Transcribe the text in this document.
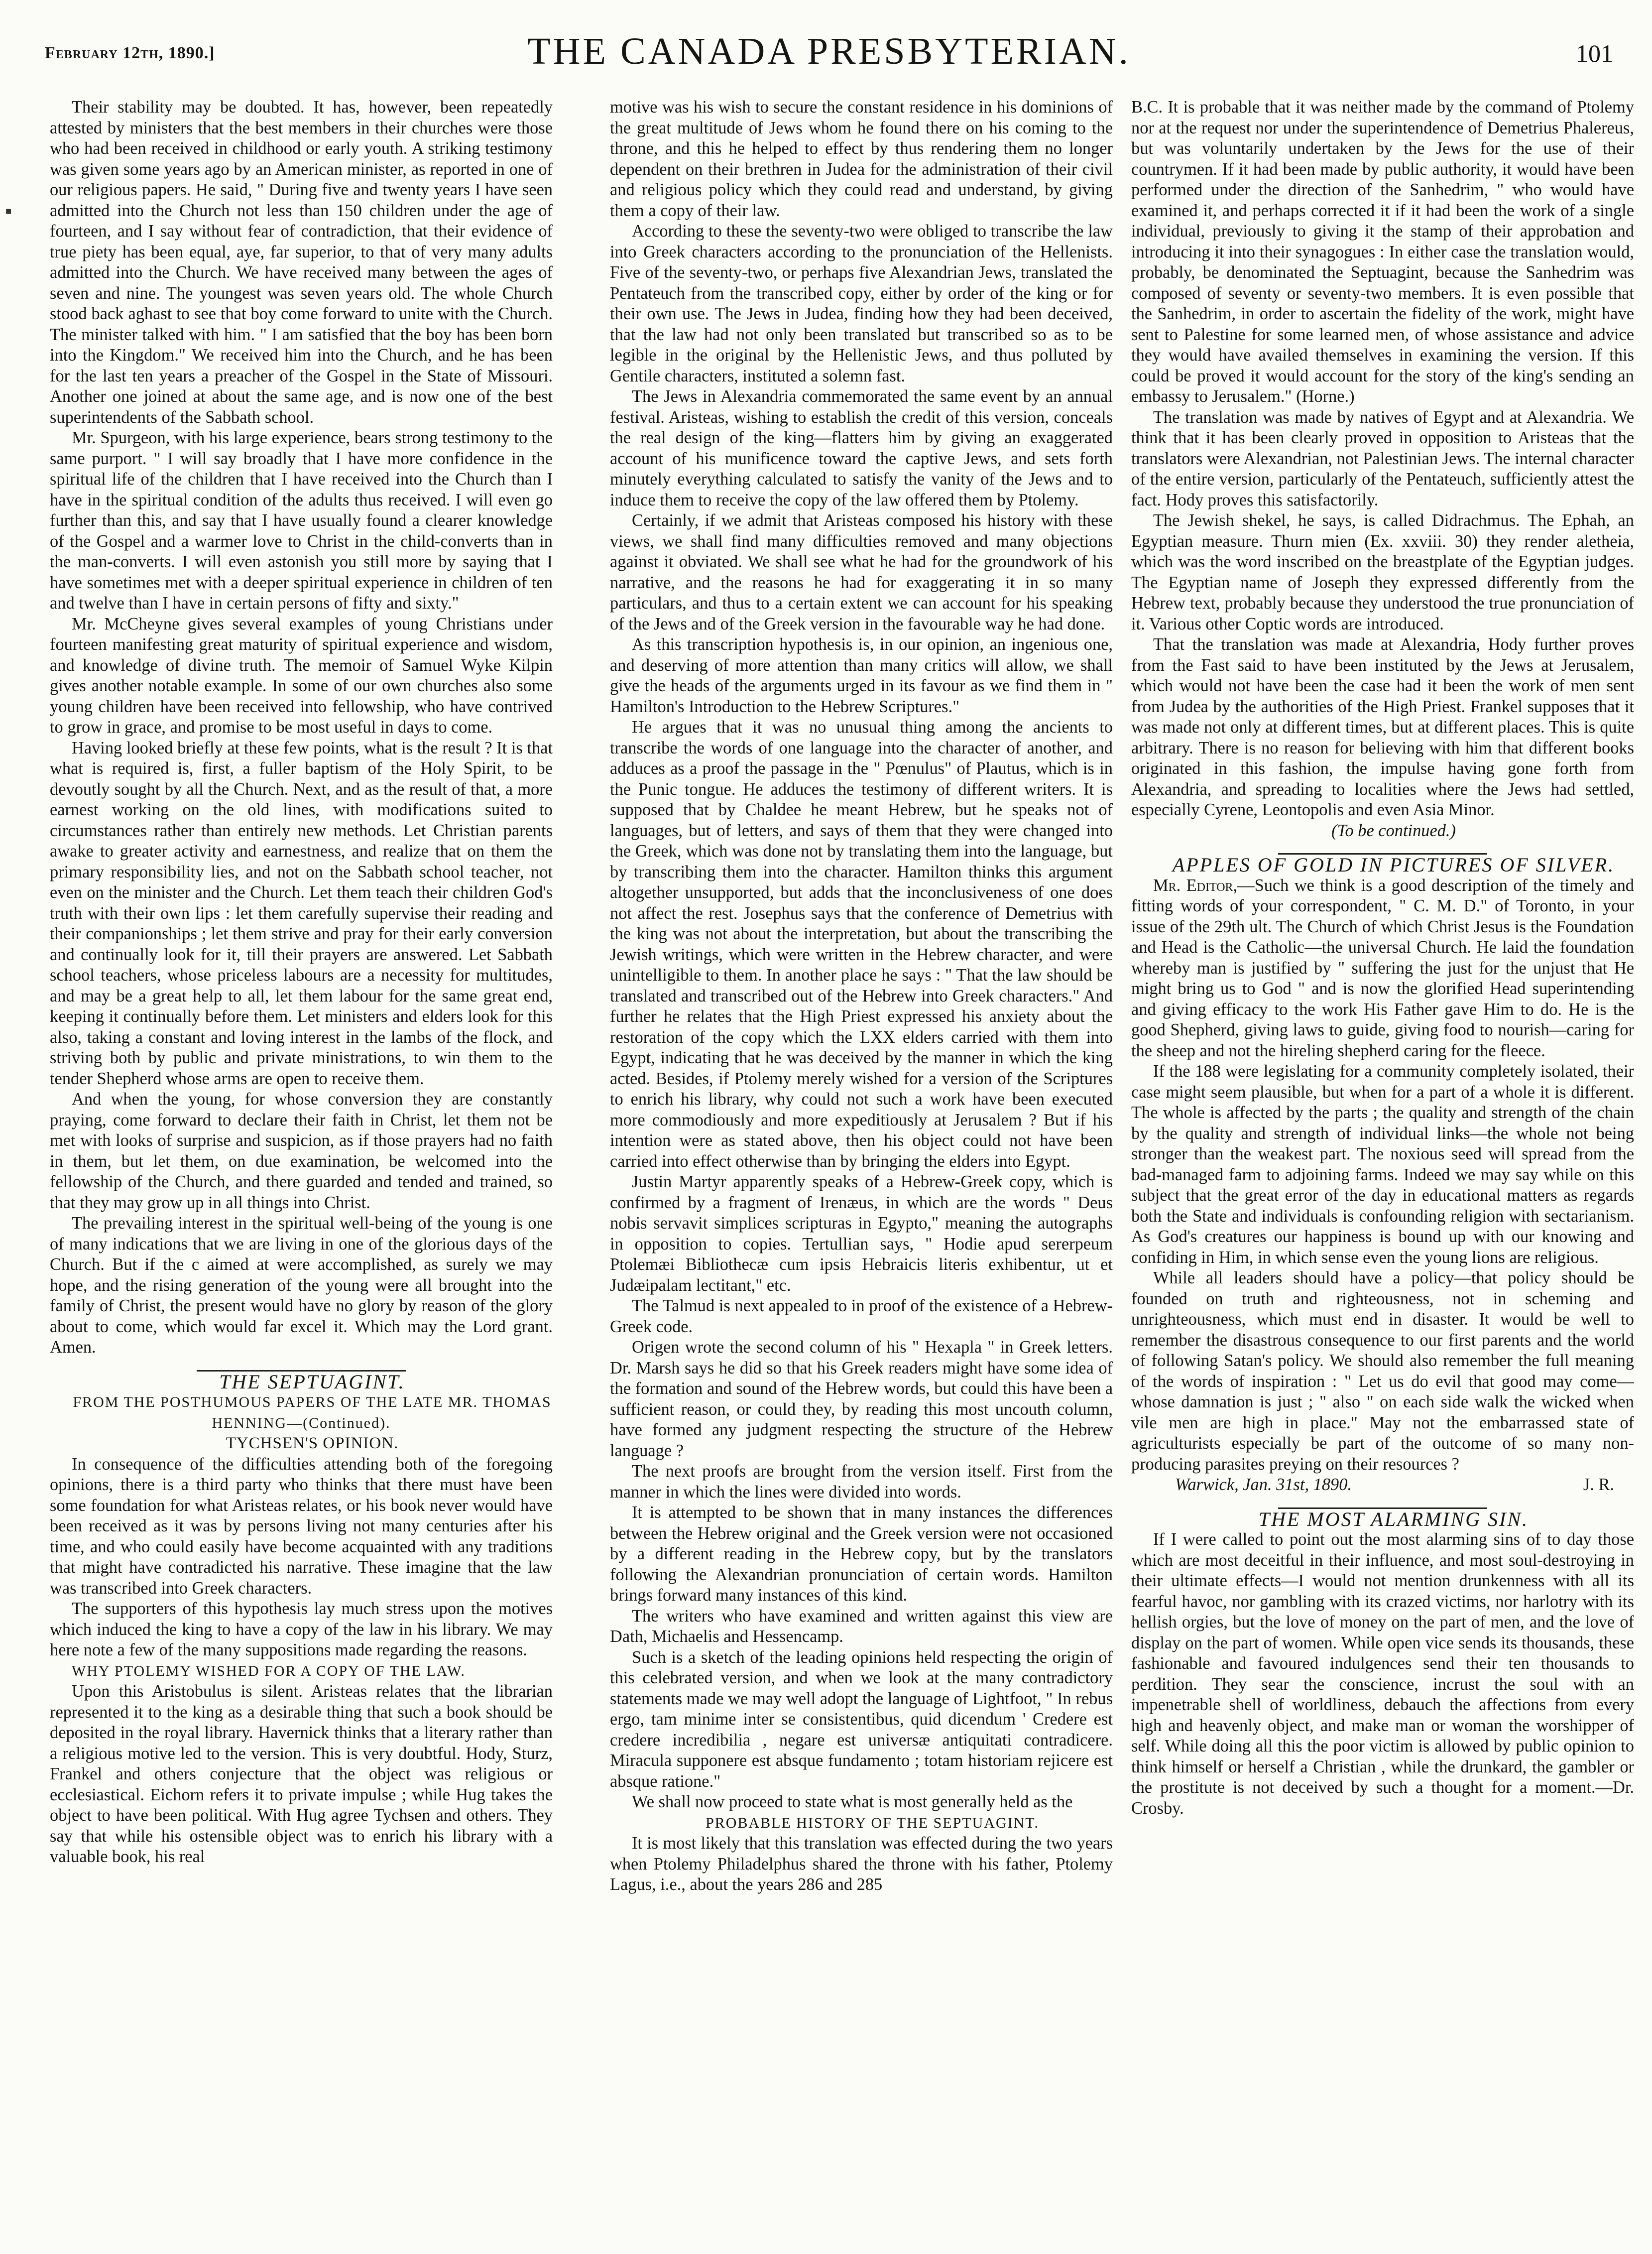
February 12th, 1890.]	THE CANADA PRESBYTERIAN.	101
▪

Their stability may be doubted. It has, however, been repeatedly attested by ministers that the best members in their churches were those who had been received in childhood or early youth. A striking testimony was given some years ago by an American minister, as reported in one of our religious papers. He said, " During five and twenty years I have seen admitted into the Church not less than 150 children under the age of fourteen, and I say without fear of contradiction, that their evidence of true piety has been equal, aye, far superior, to that of very many adults admitted into the Church. We have received many between the ages of seven and nine. The youngest was seven years old. The whole Church stood back aghast to see that boy come forward to unite with the Church. The minister talked with him. " I am satisfied that the boy has been born into the Kingdom." We received him into the Church, and he has been for the last ten years a preacher of the Gospel in the State of Missouri. Another one joined at about the same age, and is now one of the best superintendents of the Sabbath school.

Mr. Spurgeon, with his large experience, bears strong testimony to the same purport. " I will say broadly that I have more confidence in the spiritual life of the children that I have received into the Church than I have in the spiritual condition of the adults thus received. I will even go further than this, and say that I have usually found a clearer knowledge of the Gospel and a warmer love to Christ in the child-converts than in the man-converts. I will even astonish you still more by saying that I have sometimes met with a deeper spiritual experience in children of ten and twelve than I have in certain persons of fifty and sixty."

Mr. McCheyne gives several examples of young Christians under fourteen manifesting great maturity of spiritual experience and wisdom, and knowledge of divine truth. The memoir of Samuel Wyke Kilpin gives another notable example. In some of our own churches also some young children have been received into fellowship, who have contrived to grow in grace, and promise to be most useful in days to come.

Having looked briefly at these few points, what is the result ? It is that what is required is, first, a fuller baptism of the Holy Spirit, to be devoutly sought by all the Church. Next, and as the result of that, a more earnest working on the old lines, with modifications suited to circumstances rather than entirely new methods. Let Christian parents awake to greater activity and earnestness, and realize that on them the primary responsibility lies, and not on the Sabbath school teacher, not even on the minister and the Church. Let them teach their children God's truth with their own lips : let them carefully supervise their reading and their companionships ; let them strive and pray for their early conversion and continually look for it, till their prayers are answered. Let Sabbath school teachers, whose priceless labours are a necessity for multitudes, and may be a great help to all, let them labour for the same great end, keeping it continually before them. Let ministers and elders look for this also, taking a constant and loving interest in the lambs of the flock, and striving both by public and private ministrations, to win them to the tender Shepherd whose arms are open to receive them.

And when the young, for whose conversion they are constantly praying, come forward to declare their faith in Christ, let them not be met with looks of surprise and suspicion, as if those prayers had no faith in them, but let them, on due examination, be welcomed into the fellowship of the Church, and there guarded and tended and trained, so that they may grow up in all things into Christ.

The prevailing interest in the spiritual well-being of the young is one of many indications that we are living in one of the glorious days of the Church. But if the c aimed at were accomplished, as surely we may hope, and the rising generation of the young were all brought into the family of Christ, the present would have no glory by reason of the glory about to come, which would far excel it. Which may the Lord grant. Amen.

THE SEPTUAGINT.

FROM THE POSTHUMOUS PAPERS OF THE LATE MR. THOMAS HENNING—(Continued).

TYCHSEN'S OPINION.

In consequence of the difficulties attending both of the foregoing opinions, there is a third party who thinks that there must have been some foundation for what Aristeas relates, or his book never would have been received as it was by persons living not many centuries after his time, and who could easily have become acquainted with any traditions that might have contradicted his narrative. These imagine that the law was transcribed into Greek characters.

The supporters of this hypothesis lay much stress upon the motives which induced the king to have a copy of the law in his library. We may here note a few of the many suppositions made regarding the reasons.

WHY PTOLEMY WISHED FOR A COPY OF THE LAW.

Upon this Aristobulus is silent. Aristeas relates that the librarian represented it to the king as a desirable thing that such a book should be deposited in the royal library. Havernick thinks that a literary rather than a religious motive led to the version. This is very doubtful. Hody, Sturz, Frankel and others conjecture that the object was religious or ecclesiastical. Eichorn refers it to private impulse ; while Hug takes the object to have been political. With Hug agree Tychsen and others. They say that while his ostensible object was to enrich his library with a valuable book, his real

motive was his wish to secure the constant residence in his dominions of the great multitude of Jews whom he found there on his coming to the throne, and this he helped to effect by thus rendering them no longer dependent on their brethren in Judea for the administration of their civil and religious policy which they could read and understand, by giving them a copy of their law.

According to these the seventy-two were obliged to transcribe the law into Greek characters according to the pronunciation of the Hellenists. Five of the seventy-two, or perhaps five Alexandrian Jews, translated the Pentateuch from the transcribed copy, either by order of the king or for their own use. The Jews in Judea, finding how they had been deceived, that the law had not only been translated but transcribed so as to be legible in the original by the Hellenistic Jews, and thus polluted by Gentile characters, instituted a solemn fast.

The Jews in Alexandria commemorated the same event by an annual festival. Aristeas, wishing to establish the credit of this version, conceals the real design of the king—flatters him by giving an exaggerated account of his munificence toward the captive Jews, and sets forth minutely everything calculated to satisfy the vanity of the Jews and to induce them to receive the copy of the law offered them by Ptolemy.

Certainly, if we admit that Aristeas composed his history with these views, we shall find many difficulties removed and many objections against it obviated. We shall see what he had for the groundwork of his narrative, and the reasons he had for exaggerating it in so many particulars, and thus to a certain extent we can account for his speaking of the Jews and of the Greek version in the favourable way he had done.

As this transcription hypothesis is, in our opinion, an ingenious one, and deserving of more attention than many critics will allow, we shall give the heads of the arguments urged in its favour as we find them in " Hamilton's Introduction to the Hebrew Scriptures."

He argues that it was no unusual thing among the ancients to transcribe the words of one language into the character of another, and adduces as a proof the passage in the " Pœnulus" of Plautus, which is in the Punic tongue. He adduces the testimony of different writers. It is supposed that by Chaldee he meant Hebrew, but he speaks not of languages, but of letters, and says of them that they were changed into the Greek, which was done not by translating them into the language, but by transcribing them into the character. Hamilton thinks this argument altogether unsupported, but adds that the inconclusiveness of one does not affect the rest. Josephus says that the conference of Demetrius with the king was not about the interpretation, but about the transcribing the Jewish writings, which were written in the Hebrew character, and were unintelligible to them. In another place he says : " That the law should be translated and transcribed out of the Hebrew into Greek characters." And further he relates that the High Priest expressed his anxiety about the restoration of the copy which the LXX elders carried with them into Egypt, indicating that he was deceived by the manner in which the king acted. Besides, if Ptolemy merely wished for a version of the Scriptures to enrich his library, why could not such a work have been executed more commodiously and more expeditiously at Jerusalem ? But if his intention were as stated above, then his object could not have been carried into effect otherwise than by bringing the elders into Egypt.

Justin Martyr apparently speaks of a Hebrew-Greek copy, which is confirmed by a fragment of Irenæus, in which are the words " Deus nobis servavit simplices scripturas in Egypto," meaning the autographs in opposition to copies. Tertullian says, " Hodie apud sererpeum Ptolemæi Bibliothecæ cum ipsis Hebraicis literis exhibentur, ut et Judæipalam lectitant," etc.

The Talmud is next appealed to in proof of the existence of a Hebrew-Greek code.

Origen wrote the second column of his " Hexapla " in Greek letters. Dr. Marsh says he did so that his Greek readers might have some idea of the formation and sound of the Hebrew words, but could this have been a sufficient reason, or could they, by reading this most uncouth column, have formed any judgment respecting the structure of the Hebrew language ?

The next proofs are brought from the version itself. First from the manner in which the lines were divided into words.

It is attempted to be shown that in many instances the differences between the Hebrew original and the Greek version were not occasioned by a different reading in the Hebrew copy, but by the translators following the Alexandrian pronunciation of certain words. Hamilton brings forward many instances of this kind.

The writers who have examined and written against this view are Dath, Michaelis and Hessencamp.

Such is a sketch of the leading opinions held respecting the origin of this celebrated version, and when we look at the many contradictory statements made we may well adopt the language of Lightfoot, " In rebus ergo, tam minime inter se consistentibus, quid dicendum ' Credere est credere incredibilia , negare est universæ antiquitati contradicere. Miracula supponere est absque fundamento ; totam historiam rejicere est absque ratione."

We shall now proceed to state what is most generally held as the

PROBABLE HISTORY OF THE SEPTUAGINT.

It is most likely that this translation was effected during the two years when Ptolemy Philadelphus shared the throne with his father, Ptolemy Lagus, i.e., about the years 286 and 285

B.C. It is probable that it was neither made by the command of Ptolemy nor at the request nor under the superintendence of Demetrius Phalereus, but was voluntarily undertaken by the Jews for the use of their countrymen. If it had been made by public authority, it would have been performed under the direction of the Sanhedrim, " who would have examined it, and perhaps corrected it if it had been the work of a single individual, previously to giving it the stamp of their approbation and introducing it into their synagogues : In either case the translation would, probably, be denominated the Septuagint, because the Sanhedrim was composed of seventy or seventy-two members. It is even possible that the Sanhedrim, in order to ascertain the fidelity of the work, might have sent to Palestine for some learned men, of whose assistance and advice they would have availed themselves in examining the version. If this could be proved it would account for the story of the king's sending an embassy to Jerusalem." (Horne.)

The translation was made by natives of Egypt and at Alexandria. We think that it has been clearly proved in opposition to Aristeas that the translators were Alexandrian, not Palestinian Jews. The internal character of the entire version, particularly of the Pentateuch, sufficiently attest the fact. Hody proves this satisfactorily.

The Jewish shekel, he says, is called Didrachmus. The Ephah, an Egyptian measure. Thurn mien (Ex. xxviii. 30) they render aletheia, which was the word inscribed on the breastplate of the Egyptian judges. The Egyptian name of Joseph they expressed differently from the Hebrew text, probably because they understood the true pronunciation of it. Various other Coptic words are introduced.

That the translation was made at Alexandria, Hody further proves from the Fast said to have been instituted by the Jews at Jerusalem, which would not have been the case had it been the work of men sent from Judea by the authorities of the High Priest. Frankel supposes that it was made not only at different times, but at different places. This is quite arbitrary. There is no reason for believing with him that different books originated in this fashion, the impulse having gone forth from Alexandria, and spreading to localities where the Jews had settled, especially Cyrene, Leontopolis and even Asia Minor.

(To be continued.)

APPLES OF GOLD IN PICTURES OF SILVER.

Mr. Editor,—Such we think is a good description of the timely and fitting words of your correspondent, " C. M. D." of Toronto, in your issue of the 29th ult. The Church of which Christ Jesus is the Foundation and Head is the Catholic—the universal Church. He laid the foundation whereby man is justified by " suffering the just for the unjust that He might bring us to God " and is now the glorified Head superintending and giving efficacy to the work His Father gave Him to do. He is the good Shepherd, giving laws to guide, giving food to nourish—caring for the sheep and not the hireling shepherd caring for the fleece.

If the 188 were legislating for a community completely isolated, their case might seem plausible, but when for a part of a whole it is different. The whole is affected by the parts ; the quality and strength of the chain by the quality and strength of individual links—the whole not being stronger than the weakest part. The noxious seed will spread from the bad-managed farm to adjoining farms. Indeed we may say while on this subject that the great error of the day in educational matters as regards both the State and individuals is confounding religion with sectarianism. As God's creatures our happiness is bound up with our knowing and confiding in Him, in which sense even the young lions are religious.

While all leaders should have a policy—that policy should be founded on truth and righteousness, not in scheming and unrighteousness, which must end in disaster. It would be well to remember the disastrous consequence to our first parents and the world of following Satan's policy. We should also remember the full meaning of the words of inspiration : " Let us do evil that good may come—whose damnation is just ; " also " on each side walk the wicked when vile men are high in place." May not the embarrassed state of agriculturists especially be part of the outcome of so many non-producing parasites preying on their resources ?

J. R.
Warwick, Jan. 31st, 1890.

THE MOST ALARMING SIN.

If I were called to point out the most alarming sins of to day those which are most deceitful in their influence, and most soul-destroying in their ultimate effects—I would not mention drunkenness with all its fearful havoc, nor gambling with its crazed victims, nor harlotry with its hellish orgies, but the love of money on the part of men, and the love of display on the part of women. While open vice sends its thousands, these fashionable and favoured indulgences send their ten thousands to perdition. They sear the conscience, incrust the soul with an impenetrable shell of worldliness, debauch the affections from every high and heavenly object, and make man or woman the worshipper of self. While doing all this the poor victim is allowed by public opinion to think himself or herself a Christian , while the drunkard, the gambler or the prostitute is not deceived by such a thought for a moment.—Dr. Crosby.
